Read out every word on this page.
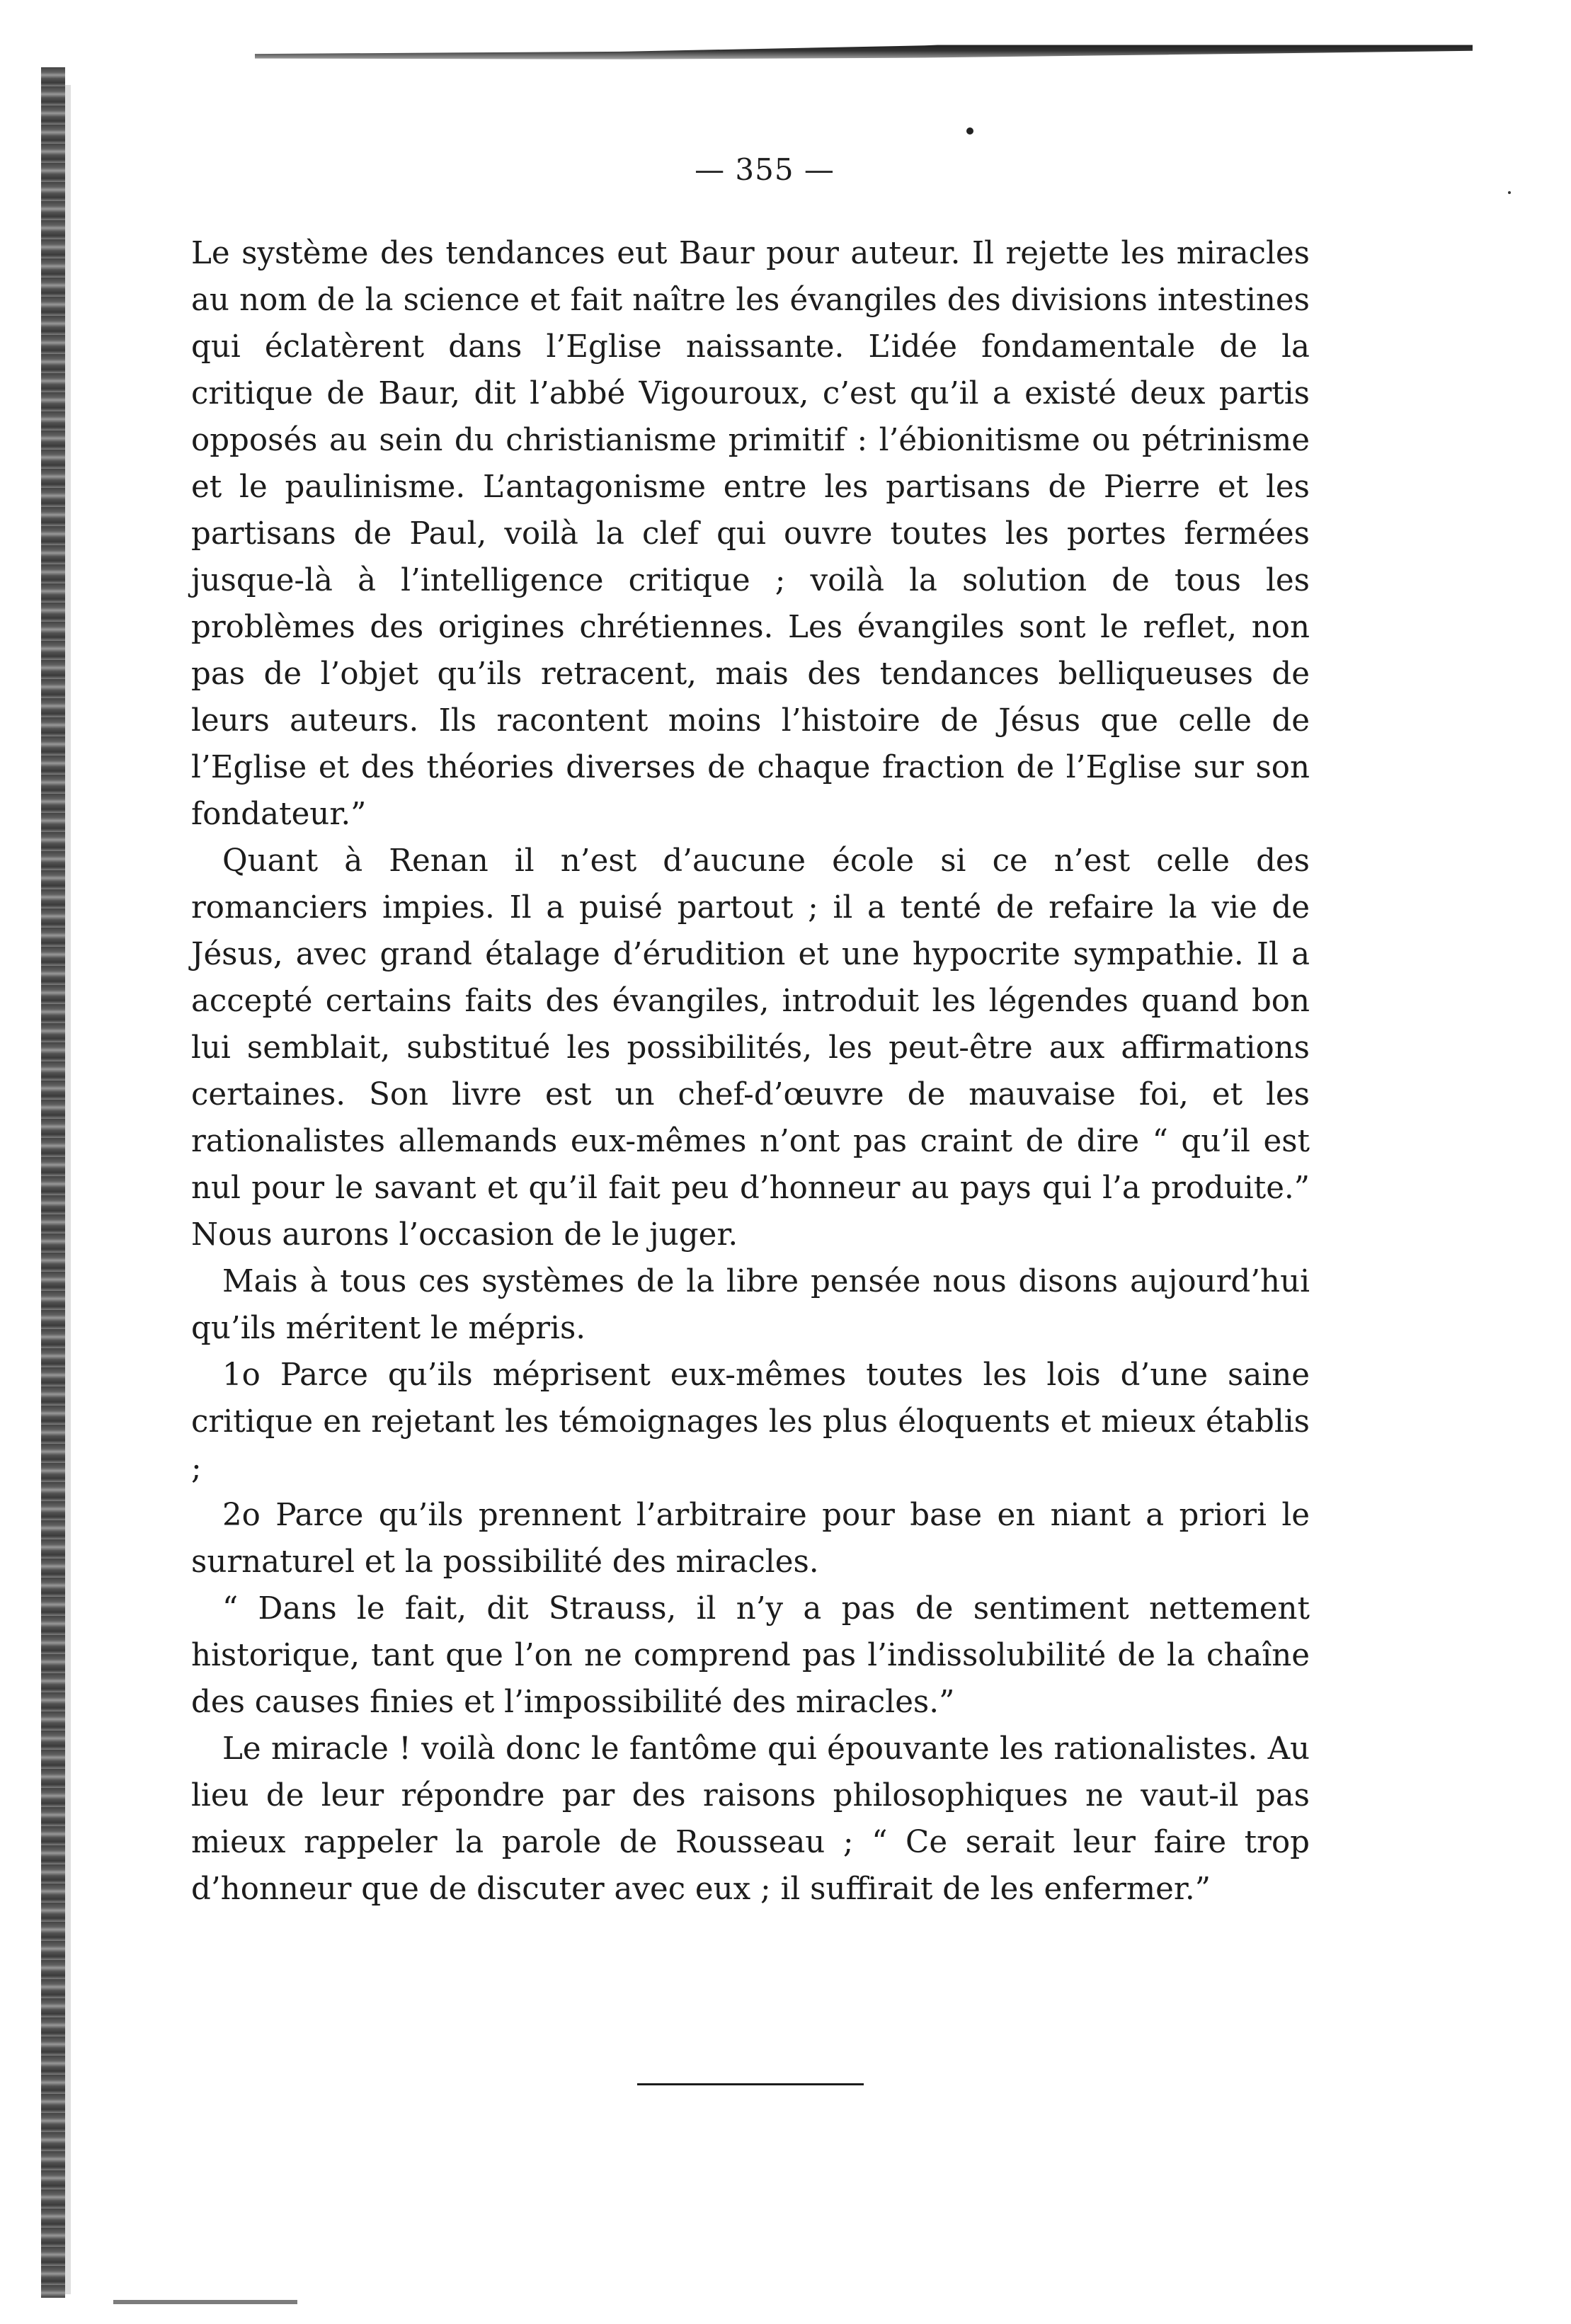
— 355 —

Le système des tendances eut Baur pour auteur. Il rejette les miracles au nom de la science et fait naître les évangiles des divisions intestines qui éclatèrent dans l’Eglise naissante. L’idée fondamentale de la critique de Baur, dit l’abbé Vigouroux, c’est qu’il a existé deux partis opposés au sein du christianisme primitif : l’ébionitisme ou pétrinisme et le paulinisme. L’antagonisme entre les partisans de Pierre et les partisans de Paul, voilà la clef qui ouvre toutes les portes fermées jusque-là à l’intelligence critique ; voilà la solution de tous les problèmes des origines chrétiennes. Les évangiles sont le reflet, non pas de l’objet qu’ils retracent, mais des tendances belliqueuses de leurs auteurs. Ils racontent moins l’histoire de Jésus que celle de l’Eglise et des théories diverses de chaque fraction de l’Eglise sur son fondateur.”

Quant à Renan il n’est d’aucune école si ce n’est celle des romanciers impies. Il a puisé partout ; il a tenté de refaire la vie de Jésus, avec grand étalage d’érudition et une hypocrite sympathie. Il a accepté certains faits des évangiles, introduit les légendes quand bon lui semblait, substitué les possibilités, les peut-être aux affirmations certaines. Son livre est un chef-d’œuvre de mauvaise foi, et les rationalistes allemands eux-mêmes n’ont pas craint de dire “ qu’il est nul pour le savant et qu’il fait peu d’honneur au pays qui l’a produite.” Nous aurons l’occasion de le juger.

Mais à tous ces systèmes de la libre pensée nous disons aujourd’hui qu’ils méritent le mépris.

1o Parce qu’ils méprisent eux-mêmes toutes les lois d’une saine critique en rejetant les témoignages les plus éloquents et mieux établis ;

2o Parce qu’ils prennent l’arbitraire pour base en niant a priori le surnaturel et la possibilité des miracles.

“ Dans le fait, dit Strauss, il n’y a pas de sentiment nettement historique, tant que l’on ne comprend pas l’indissolubilité de la chaîne des causes finies et l’impossibilité des miracles.”

Le miracle ! voilà donc le fantôme qui épouvante les rationalistes. Au lieu de leur répondre par des raisons philosophiques ne vaut-il pas mieux rappeler la parole de Rousseau ; “ Ce serait leur faire trop d’honneur que de discuter avec eux ; il suffirait de les enfermer.”
